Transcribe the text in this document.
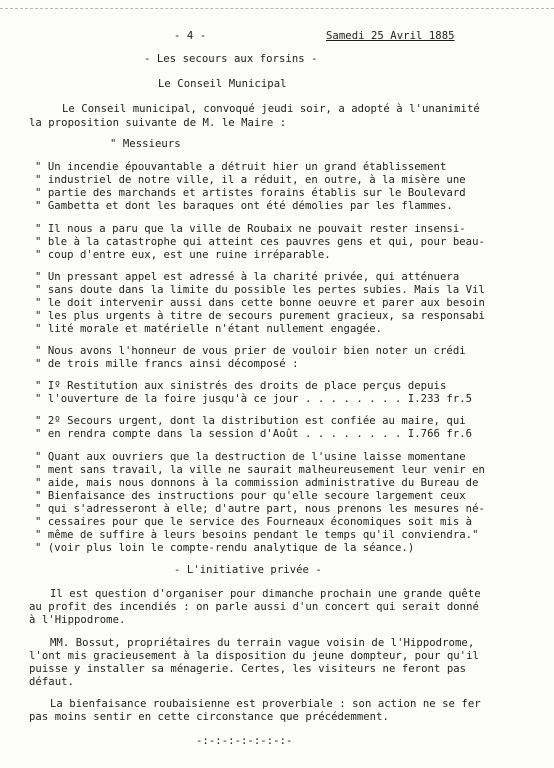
- 4 -	Samedi 25 Avril 1885
- Les secours aux forsins -
Le Conseil Municipal
Le Conseil municipal, convoqué jeudi soir, a adopté à l'unanimité
la proposition suivante de M. le Maire :
" Messieurs
" Un incendie épouvantable a détruit hier un grand établissement
" industriel de notre ville, il a réduit, en outre, à la misère une
" partie des marchands et artistes forains établis sur le Boulevard
" Gambetta et dont les baraques ont été démolies par les flammes.
" Il nous a paru que la ville de Roubaix ne pouvait rester insensi-
" ble à la catastrophe qui atteint ces pauvres gens et qui, pour beau-
" coup d'entre eux, est une ruine irréparable.
" Un pressant appel est adressé à la charité privée, qui atténuera
" sans doute dans la limite du possible les pertes subies. Mais la Vil
" le doit intervenir aussi dans cette bonne oeuvre et parer aux besoin
" les plus urgents à titre de secours purement gracieux, sa responsabi
" lité morale et matérielle n'étant nullement engagée.
" Nous avons l'honneur de vous prier de vouloir bien noter un crédi
" de trois mille francs ainsi décomposé :
" Iº Restitution aux sinistrés des droits de place perçus depuis
" l'ouverture de la foire jusqu'à ce jour . . . . . . . . I.233 fr.5
" 2º Secours urgent, dont la distribution est confiée au maire, qui
" en rendra compte dans la session d'Août . . . . . . . . I.766 fr.6
" Quant aux ouvriers que la destruction de l'usine laisse momentane
" ment sans travail, la ville ne saurait malheureusement leur venir en
" aide, mais nous donnons à la commission administrative du Bureau de
" Bienfaisance des instructions pour qu'elle secoure largement ceux
" qui s'adresseront à elle; d'autre part, nous prenons les mesures né-
" cessaires pour que le service des Fourneaux économiques soit mis à
" même de suffire à leurs besoins pendant le temps qu'il conviendra."
" (voir plus loin le compte-rendu analytique de la séance.)
- L'initiative privée -
Il est question d'organiser pour dimanche prochain une grande quête
au profit des incendiés : on parle aussi d'un concert qui serait donné
à l'Hippodrome.
MM. Bossut, propriétaires du terrain vague voisin de l'Hippodrome,
l'ont mis gracieusement à la disposition du jeune dompteur, pour qu'il
puisse y installer sa ménagerie. Certes, les visiteurs ne feront pas
défaut.
La bienfaisance roubaisienne est proverbiale : son action ne se fer
pas moins sentir en cette circonstance que précédemment.
-:-:-:-:-:-:-:-
